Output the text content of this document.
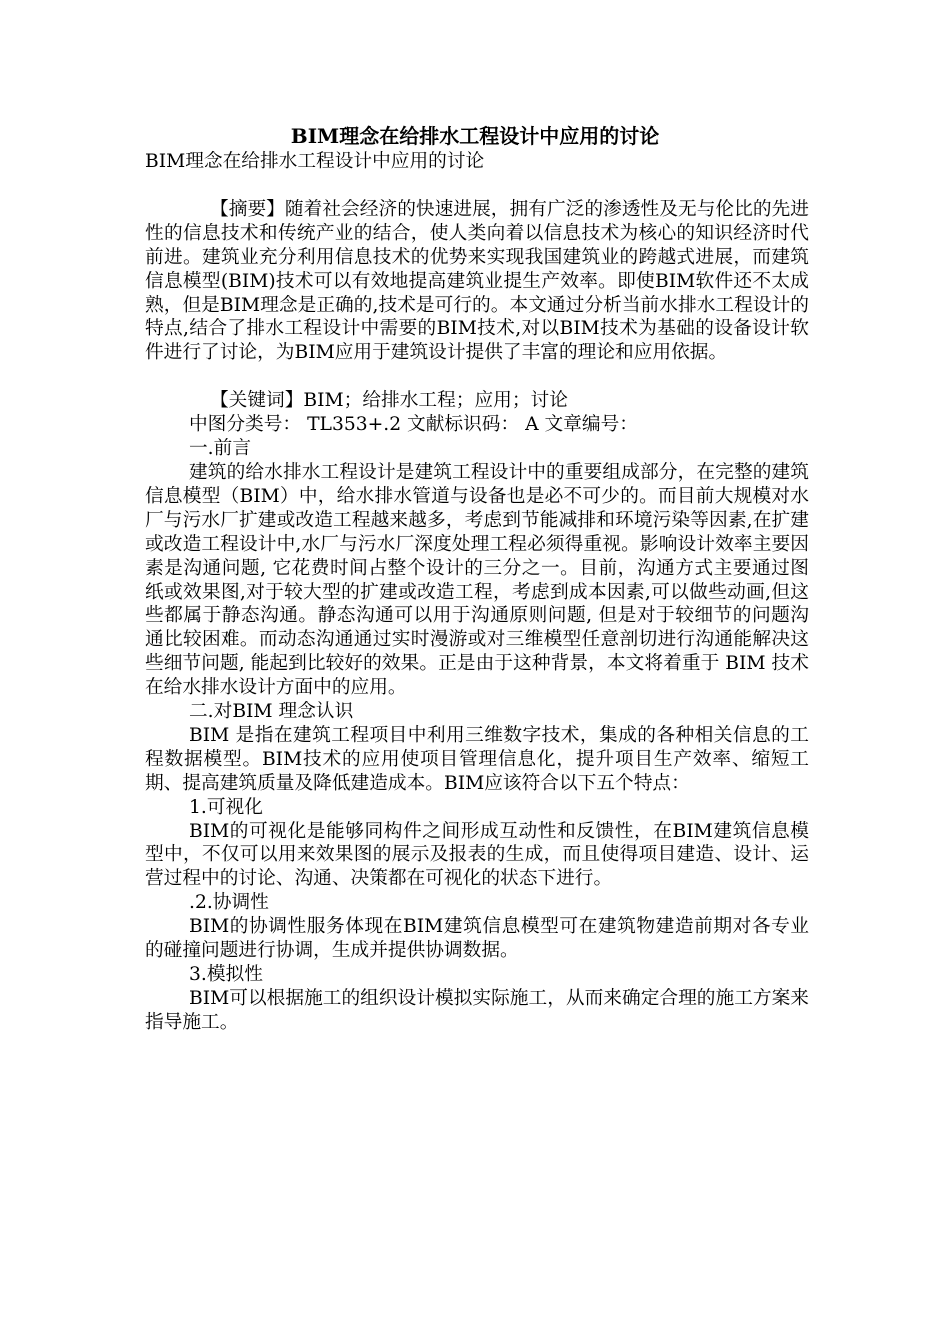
BIM理念在给排水工程设计中应用的讨论

BIM理念在给排水工程设计中应用的讨论

【摘要】随着社会经济的快速进展，拥有广泛的渗透性及无与伦比的先进性的信息技术和传统产业的结合，使人类向着以信息技术为核心的知识经济时代前进。建筑业充分利用信息技术的优势来实现我国建筑业的跨越式进展，而建筑信息模型(BIM)技术可以有效地提高建筑业提生产效率。即使BIM软件还不太成熟，但是BIM理念是正确的,技术是可行的。本文通过分析当前水排水工程设计的特点,结合了排水工程设计中需要的BIM技术,对以BIM技术为基础的设备设计软件进行了讨论，为BIM应用于建筑设计提供了丰富的理论和应用依据。

【关键词】BIM；给排水工程；应用；讨论

中图分类号： TL353+.2 文献标识码： A 文章编号：

一.前言

建筑的给水排水工程设计是建筑工程设计中的重要组成部分，在完整的建筑信息模型（BIM）中，给水排水管道与设备也是必不可少的。而目前大规模对水厂与污水厂扩建或改造工程越来越多，考虑到节能减排和环境污染等因素,在扩建或改造工程设计中,水厂与污水厂深度处理工程必须得重视。影响设计效率主要因素是沟通问题, 它花费时间占整个设计的三分之一。目前，沟通方式主要通过图纸或效果图,对于较大型的扩建或改造工程，考虑到成本因素,可以做些动画,但这些都属于静态沟通。静态沟通可以用于沟通原则问题, 但是对于较细节的问题沟通比较困难。而动态沟通通过实时漫游或对三维模型任意剖切进行沟通能解决这些细节问题, 能起到比较好的效果。正是由于这种背景，本文将着重于 BIM 技术在给水排水设计方面中的应用。

二.对BIM 理念认识

BIM 是指在建筑工程项目中利用三维数字技术，集成的各种相关信息的工程数据模型。BIM技术的应用使项目管理信息化，提升项目生产效率、缩短工期、提高建筑质量及降低建造成本。BIM应该符合以下五个特点：

1.可视化

BIM的可视化是能够同构件之间形成互动性和反馈性，在BIM建筑信息模型中，不仅可以用来效果图的展示及报表的生成，而且使得项目建造、设计、运营过程中的讨论、沟通、决策都在可视化的状态下进行。

.2.协调性

BIM的协调性服务体现在BIM建筑信息模型可在建筑物建造前期对各专业的碰撞问题进行协调，生成并提供协调数据。

3.模拟性

BIM可以根据施工的组织设计模拟实际施工，从而来确定合理的施工方案来指导施工。
